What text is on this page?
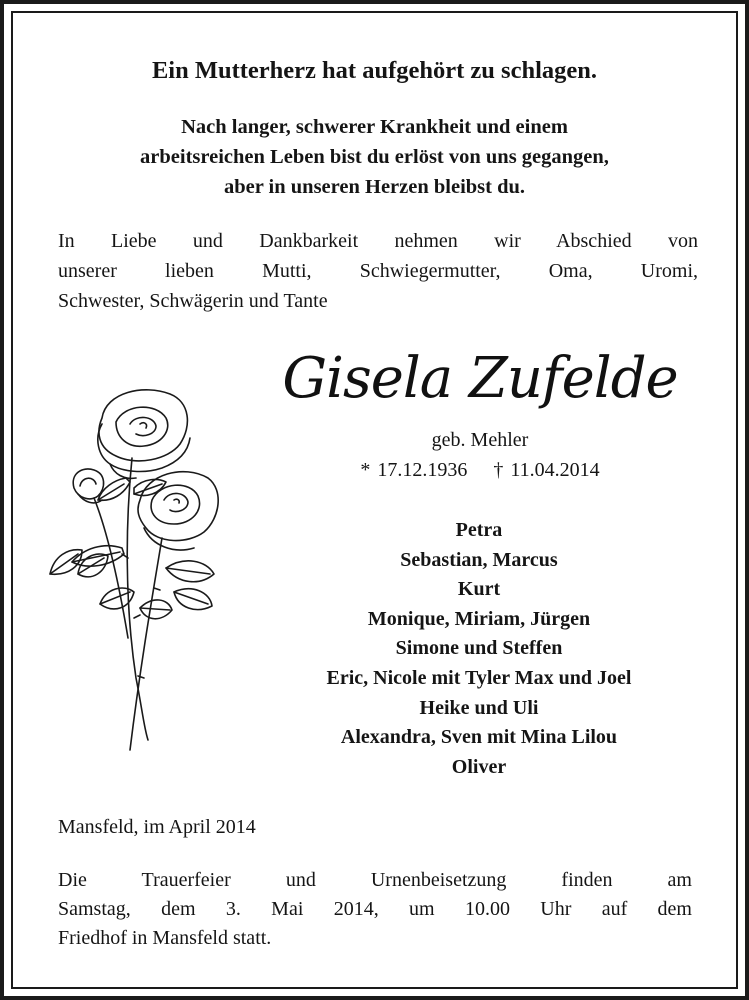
Ein Mutterherz hat aufgehört zu schlagen.
Nach langer, schwerer Krankheit und einem
arbeitsreichen Leben bist du erlöst von uns gegangen,
aber in unseren Herzen bleibst du.
In Liebe und Dankbarkeit nehmen wir Abschied von
unserer lieben Mutti, Schwiegermutter, Oma, Uromi,
Schwester, Schwägerin und Tante
Gisela Zufelde
geb. Mehler
* 17.12.1936 † 11.04.2014
Petra
Sebastian, Marcus
Kurt
Monique, Miriam, Jürgen
Simone und Steffen
Eric, Nicole mit Tyler Max und Joel
Heike und Uli
Alexandra, Sven mit Mina Lilou
Oliver
Mansfeld, im April 2014
Die Trauerfeier und Urnenbeisetzung finden am
Samstag, dem 3. Mai 2014, um 10.00 Uhr auf dem
Friedhof in Mansfeld statt.
